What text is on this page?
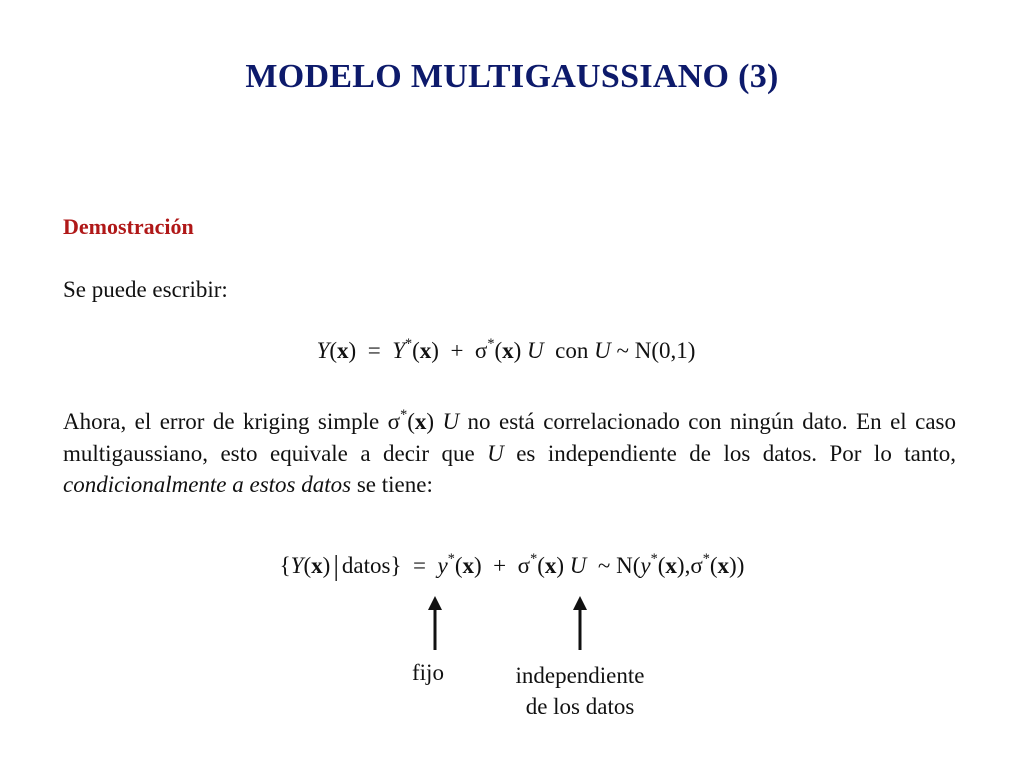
MODELO MULTIGAUSSIANO (3)
Demostración
Se puede escribir:
Y(x)  =  Y*(x)  +  σ*(x) U con U ~ N(0,1)
Ahora, el error de kriging simple σ*(x) U no está correlacionado con ningún dato. En el caso multigaussiano, esto equivale a decir que U es independiente de los datos. Por lo tanto, condicionalmente a estos datos se tiene:
{Y(x) | datos}  =  y*(x)  +  σ*(x) U  ~ N(y*(x),σ*(x))
fijo	independiente
de los datos
